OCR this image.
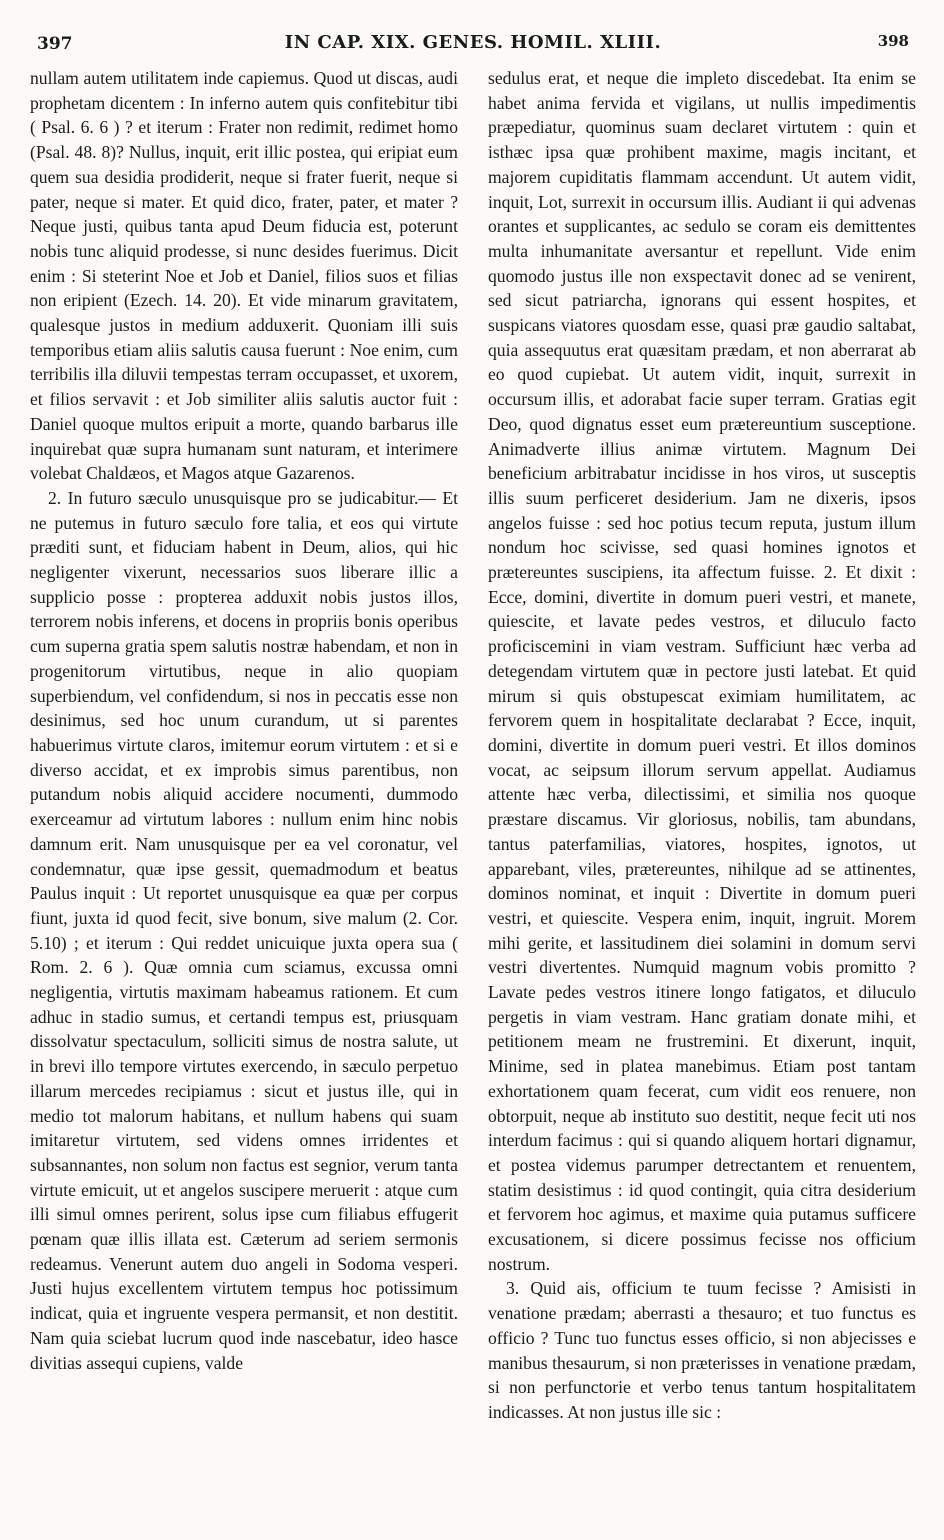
397	IN CAP. XIX. GENES. HOMIL. XLIII.	398

nullam autem utilitatem inde capiemus. Quod ut discas, audi prophetam dicentem : In inferno autem quis confitebitur tibi ( Psal. 6. 6 ) ? et iterum : Frater non redimit, redimet homo (Psal. 48. 8)? Nullus, inquit, erit illic postea, qui eripiat eum quem sua desidia prodiderit, neque si frater fuerit, neque si pater, neque si mater. Et quid dico, frater, pater, et mater ? Neque justi, quibus tanta apud Deum fiducia est, poterunt nobis tunc aliquid prodesse, si nunc desides fuerimus. Dicit enim : Si steterint Noe et Job et Daniel, filios suos et filias non eripient (Ezech. 14. 20). Et vide minarum gravitatem, qualesque justos in medium adduxerit. Quoniam illi suis temporibus etiam aliis salutis causa fuerunt : Noe enim, cum terribilis illa diluvii tempestas terram occupasset, et uxorem, et filios servavit : et Job similiter aliis salutis auctor fuit : Daniel quoque multos eripuit a morte, quando barbarus ille inquirebat quæ supra humanam sunt naturam, et interimere volebat Chaldæos, et Magos atque Gazarenos.

2. In futuro sæculo unusquisque pro se judicabitur.— Et ne putemus in futuro sæculo fore talia, et eos qui virtute præditi sunt, et fiduciam habent in Deum, alios, qui hic negligenter vixerunt, necessarios suos liberare illic a supplicio posse : propterea adduxit nobis justos illos, terrorem nobis inferens, et docens in propriis bonis operibus cum superna gratia spem salutis nostræ habendam, et non in progenitorum virtutibus, neque in alio quopiam superbiendum, vel confidendum, si nos in peccatis esse non desinimus, sed hoc unum curandum, ut si parentes habuerimus virtute claros, imitemur eorum virtutem : et si e diverso accidat, et ex improbis simus parentibus, non putandum nobis aliquid accidere nocumenti, dummodo exerceamur ad virtutum labores : nullum enim hinc nobis damnum erit. Nam unusquisque per ea vel coronatur, vel condemnatur, quæ ipse gessit, quemadmodum et beatus Paulus inquit : Ut reportet unusquisque ea quæ per corpus fiunt, juxta id quod fecit, sive bonum, sive malum (2. Cor. 5.10) ; et iterum : Qui reddet unicuique juxta opera sua ( Rom. 2. 6 ). Quæ omnia cum sciamus, excussa omni negligentia, virtutis maximam habeamus rationem. Et cum adhuc in stadio sumus, et certandi tempus est, priusquam dissolvatur spectaculum, solliciti simus de nostra salute, ut in brevi illo tempore virtutes exercendo, in sæculo perpetuo illarum mercedes recipiamus : sicut et justus ille, qui in medio tot malorum habitans, et nullum habens qui suam imitaretur virtutem, sed videns omnes irridentes et subsannantes, non solum non factus est segnior, verum tanta virtute emicuit, ut et angelos suscipere meruerit : atque cum illi simul omnes perirent, solus ipse cum filiabus effugerit pœnam quæ illis illata est. Cæterum ad seriem sermonis redeamus. Venerunt autem duo angeli in Sodoma vesperi. Justi hujus excellentem virtutem tempus hoc potissimum indicat, quia et ingruente vespera permansit, et non destitit. Nam quia sciebat lucrum quod inde nascebatur, ideo hasce divitias assequi cupiens, valde

sedulus erat, et neque die impleto discedebat. Ita enim se habet anima fervida et vigilans, ut nullis impedimentis præpediatur, quominus suam declaret virtutem : quin et isthæc ipsa quæ prohibent maxime, magis incitant, et majorem cupiditatis flammam accendunt. Ut autem vidit, inquit, Lot, surrexit in occursum illis. Audiant ii qui advenas orantes et supplicantes, ac sedulo se coram eis demittentes multa inhumanitate aversantur et repellunt. Vide enim quomodo justus ille non exspectavit donec ad se venirent, sed sicut patriarcha, ignorans qui essent hospites, et suspicans viatores quosdam esse, quasi præ gaudio saltabat, quia assequutus erat quæsitam prædam, et non aberrarat ab eo quod cupiebat. Ut autem vidit, inquit, surrexit in occursum illis, et adorabat facie super terram. Gratias egit Deo, quod dignatus esset eum prætereuntium susceptione. Animadverte illius animæ virtutem. Magnum Dei beneficium arbitrabatur incidisse in hos viros, ut susceptis illis suum perficeret desiderium. Jam ne dixeris, ipsos angelos fuisse : sed hoc potius tecum reputa, justum illum nondum hoc scivisse, sed quasi homines ignotos et prætereuntes suscipiens, ita affectum fuisse. 2. Et dixit : Ecce, domini, divertite in domum pueri vestri, et manete, quiescite, et lavate pedes vestros, et diluculo facto proficiscemini in viam vestram. Sufficiunt hæc verba ad detegendam virtutem quæ in pectore justi latebat. Et quid mirum si quis obstupescat eximiam humilitatem, ac fervorem quem in hospitalitate declarabat ? Ecce, inquit, domini, divertite in domum pueri vestri. Et illos dominos vocat, ac seipsum illorum servum appellat. Audiamus attente hæc verba, dilectissimi, et similia nos quoque præstare discamus. Vir gloriosus, nobilis, tam abundans, tantus paterfamilias, viatores, hospites, ignotos, ut apparebant, viles, prætereuntes, nihilque ad se attinentes, dominos nominat, et inquit : Divertite in domum pueri vestri, et quiescite. Vespera enim, inquit, ingruit. Morem mihi gerite, et lassitudinem diei solamini in domum servi vestri divertentes. Numquid magnum vobis promitto ? Lavate pedes vestros itinere longo fatigatos, et diluculo pergetis in viam vestram. Hanc gratiam donate mihi, et petitionem meam ne frustremini. Et dixerunt, inquit, Minime, sed in platea manebimus. Etiam post tantam exhortationem quam fecerat, cum vidit eos renuere, non obtorpuit, neque ab instituto suo destitit, neque fecit uti nos interdum facimus : qui si quando aliquem hortari dignamur, et postea videmus parumper detrectantem et renuentem, statim desistimus : id quod contingit, quia citra desiderium et fervorem hoc agimus, et maxime quia putamus sufficere excusationem, si dicere possimus fecisse nos officium nostrum.

3. Quid ais, officium te tuum fecisse ? Amisisti in venatione prædam; aberrasti a thesauro; et tuo functus es officio ? Tunc tuo functus esses officio, si non abjecisses e manibus thesaurum, si non præterisses in venatione prædam, si non perfunctorie et verbo tenus tantum hospitalitatem indicasses. At non justus ille sic :
